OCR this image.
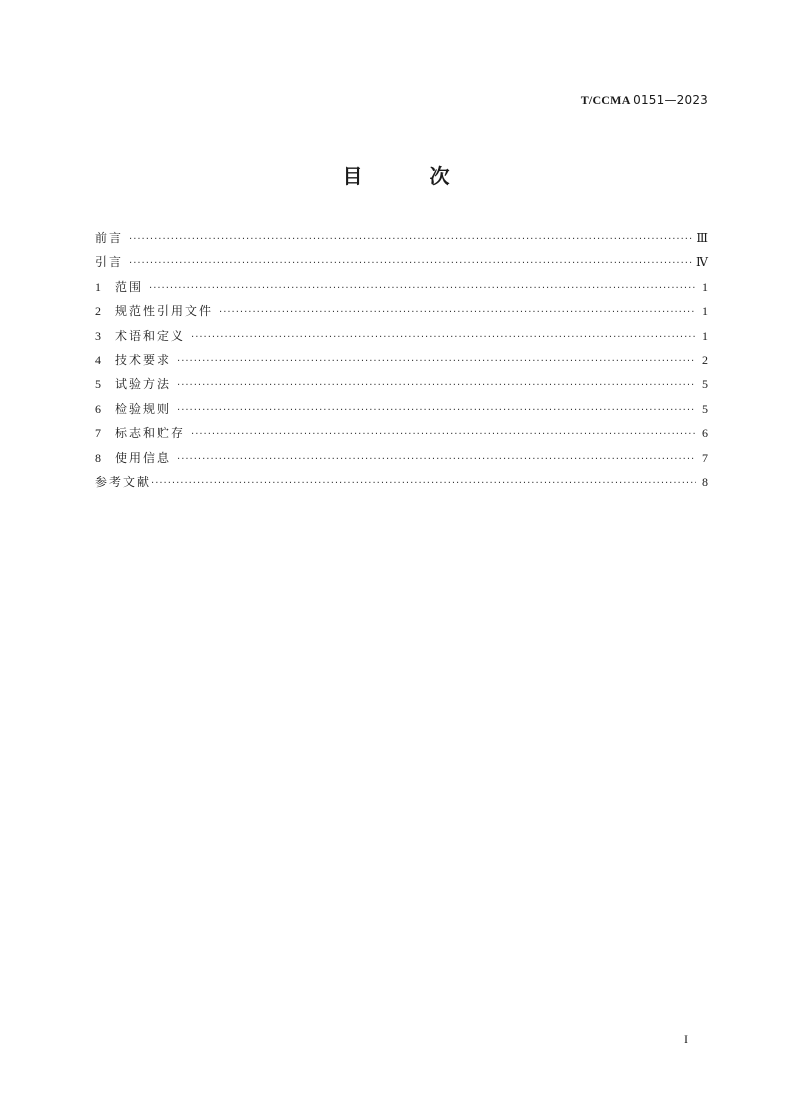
T/CCMA 0151—2023
目 次
前言 ·····	Ⅲ
引言 ·····	Ⅳ
1 范围 ·····	1
2 规范性引用文件 ·····	1
3 术语和定义 ·····	1
4 技术要求 ·····	2
5 试验方法 ·····	5
6 检验规则 ·····	5
7 标志和贮存 ·····	6
8 使用信息 ·····	7
参考文献 ·····	8
I
